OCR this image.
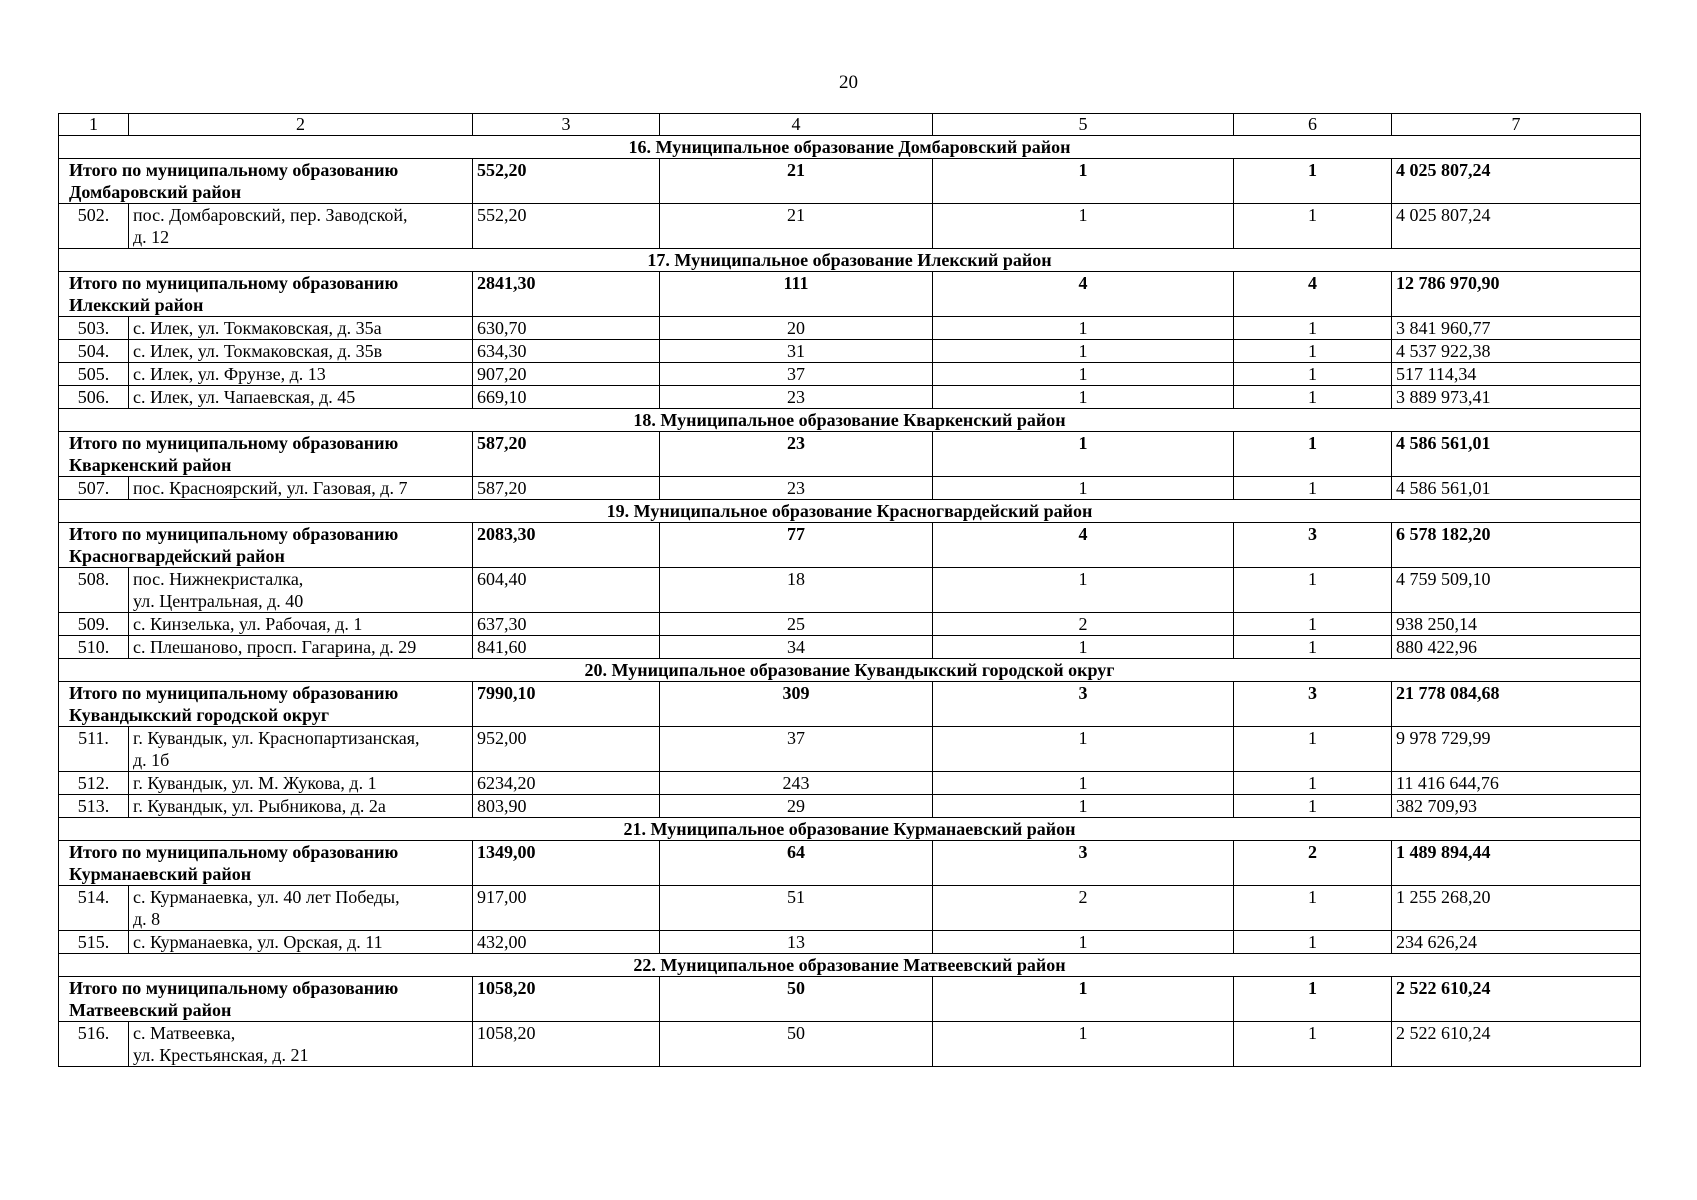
20
1	2	3	4	5	6	7
16. Муниципальное образование Домбаровский район						

Итого по муниципальному образованию
Домбаровский район		552,20	21	1	1	4 025 807,24
502.	пос. Домбаровский, пер. Заводской,
д. 12	552,20	21	1	1	4 025 807,24
17. Муниципальное образование Илекский район						

Итого по муниципальному образованию
Илекский район		2841,30	111	4	4	12 786 970,90
503.	с. Илек, ул. Токмаковская, д. 35а	630,70	20	1	1	3 841 960,77
504.	с. Илек, ул. Токмаковская, д. 35в	634,30	31	1	1	4 537 922,38
505.	с. Илек, ул. Фрунзе, д. 13	907,20	37	1	1	517 114,34
506.	с. Илек, ул. Чапаевская, д. 45	669,10	23	1	1	3 889 973,41
18. Муниципальное образование Кваркенский район						

Итого по муниципальному образованию
Кваркенский район		587,20	23	1	1	4 586 561,01
507.	пос. Красноярский, ул. Газовая, д. 7	587,20	23	1	1	4 586 561,01
19. Муниципальное образование Красногвардейский район						

Итого по муниципальному образованию
Красногвардейский район		2083,30	77	4	3	6 578 182,20
508.	пос. Нижнекристалка,
ул. Центральная, д. 40	604,40	18	1	1	4 759 509,10
509.	с. Кинзелька, ул. Рабочая, д. 1	637,30	25	2	1	938 250,14
510.	с. Плешаново, просп. Гагарина, д. 29	841,60	34	1	1	880 422,96
20. Муниципальное образование Кувандыкский городской округ						

Итого по муниципальному образованию
Кувандыкский городской округ		7990,10	309	3	3	21 778 084,68
511.	г. Кувандык, ул. Краснопартизанская,
д. 1б	952,00	37	1	1	9 978 729,99
512.	г. Кувандык, ул. М. Жукова, д. 1	6234,20	243	1	1	11 416 644,76
513.	г. Кувандык, ул. Рыбникова, д. 2а	803,90	29	1	1	382 709,93
21. Муниципальное образование Курманаевский район						

Итого по муниципальному образованию
Курманаевский район		1349,00	64	3	2	1 489 894,44
514.	с. Курманаевка, ул. 40 лет Победы,
д. 8	917,00	51	2	1	1 255 268,20
515.	с. Курманаевка, ул. Орская, д. 11	432,00	13	1	1	234 626,24
22. Муниципальное образование Матвеевский район						

Итого по муниципальному образованию
Матвеевский район		1058,20	50	1	1	2 522 610,24
516.	с. Матвеевка,
ул. Крестьянская, д. 21	1058,20	50	1	1	2 522 610,24
